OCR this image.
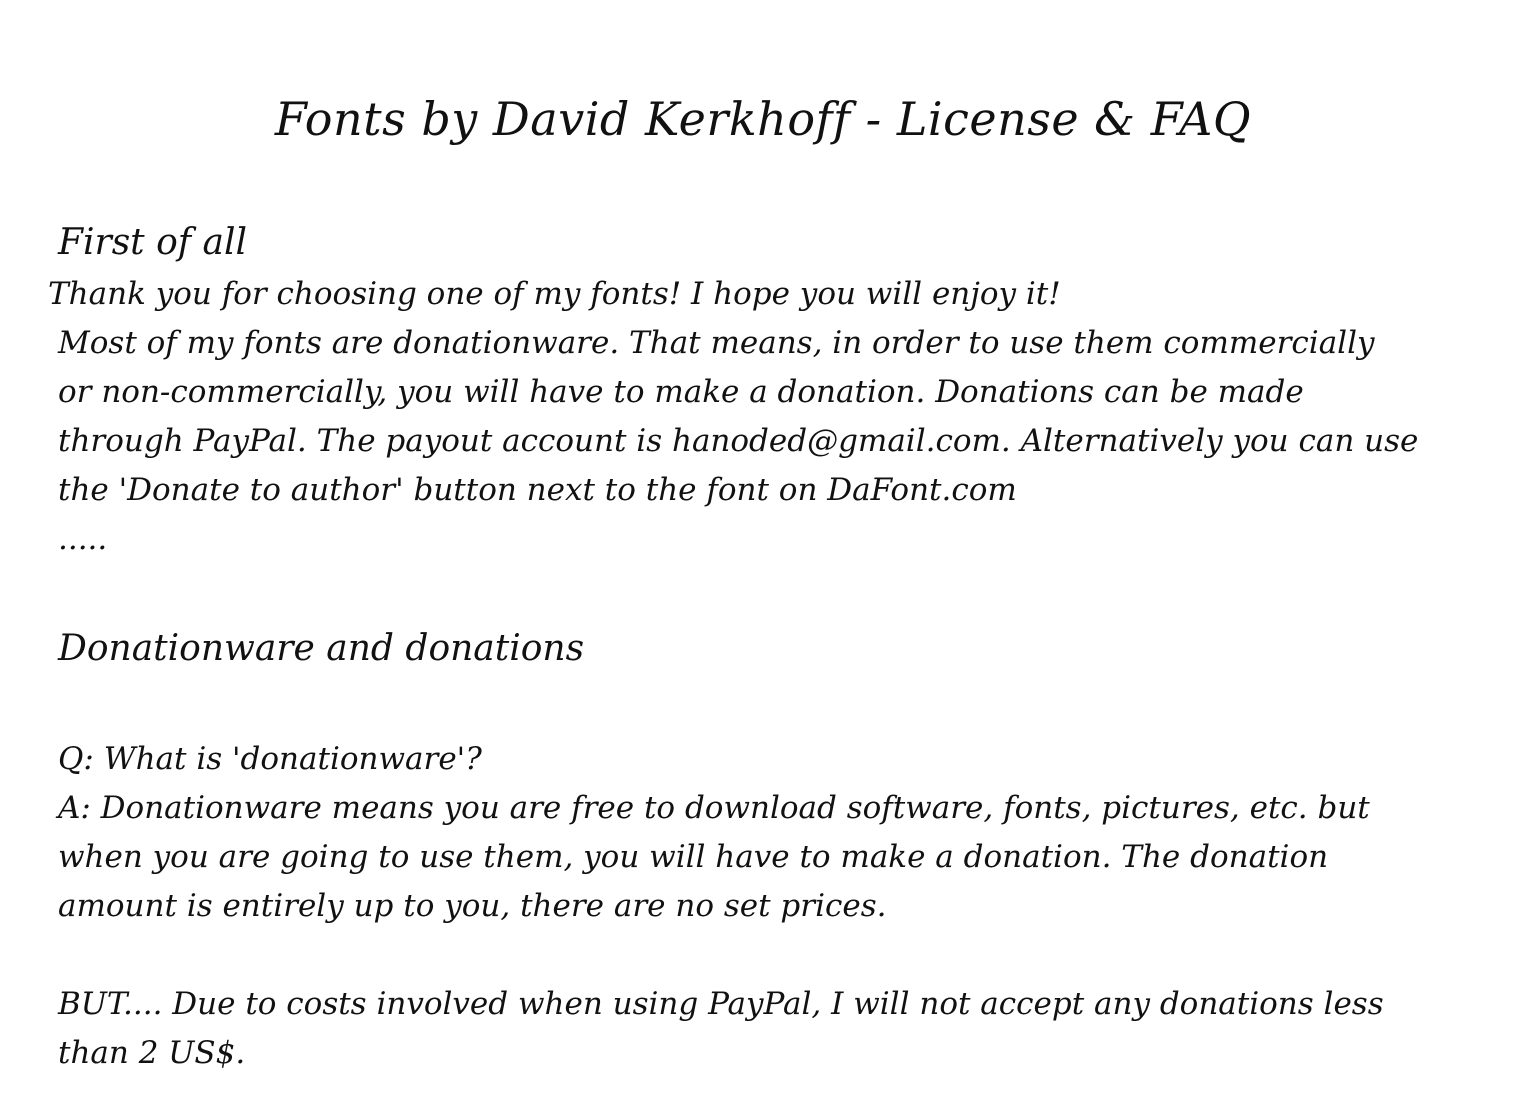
Fonts by David Kerkhoff - License & FAQ
First of all
Thank you for choosing one of my fonts! I hope you will enjoy it!
Most of my fonts are donationware. That means, in order to use them commercially
or non-commercially, you will have to make a donation. Donations can be made
through PayPal. The payout account is hanoded@gmail.com. Alternatively you can use
the 'Donate to author' button next to the font on DaFont.com
.....
Donationware and donations
Q: What is 'donationware'?
A: Donationware means you are free to download software, fonts, pictures, etc. but
when you are going to use them, you will have to make a donation. The donation
amount is entirely up to you, there are no set prices.
BUT.... Due to costs involved when using PayPal, I will not accept any donations less
than 2 US$.
